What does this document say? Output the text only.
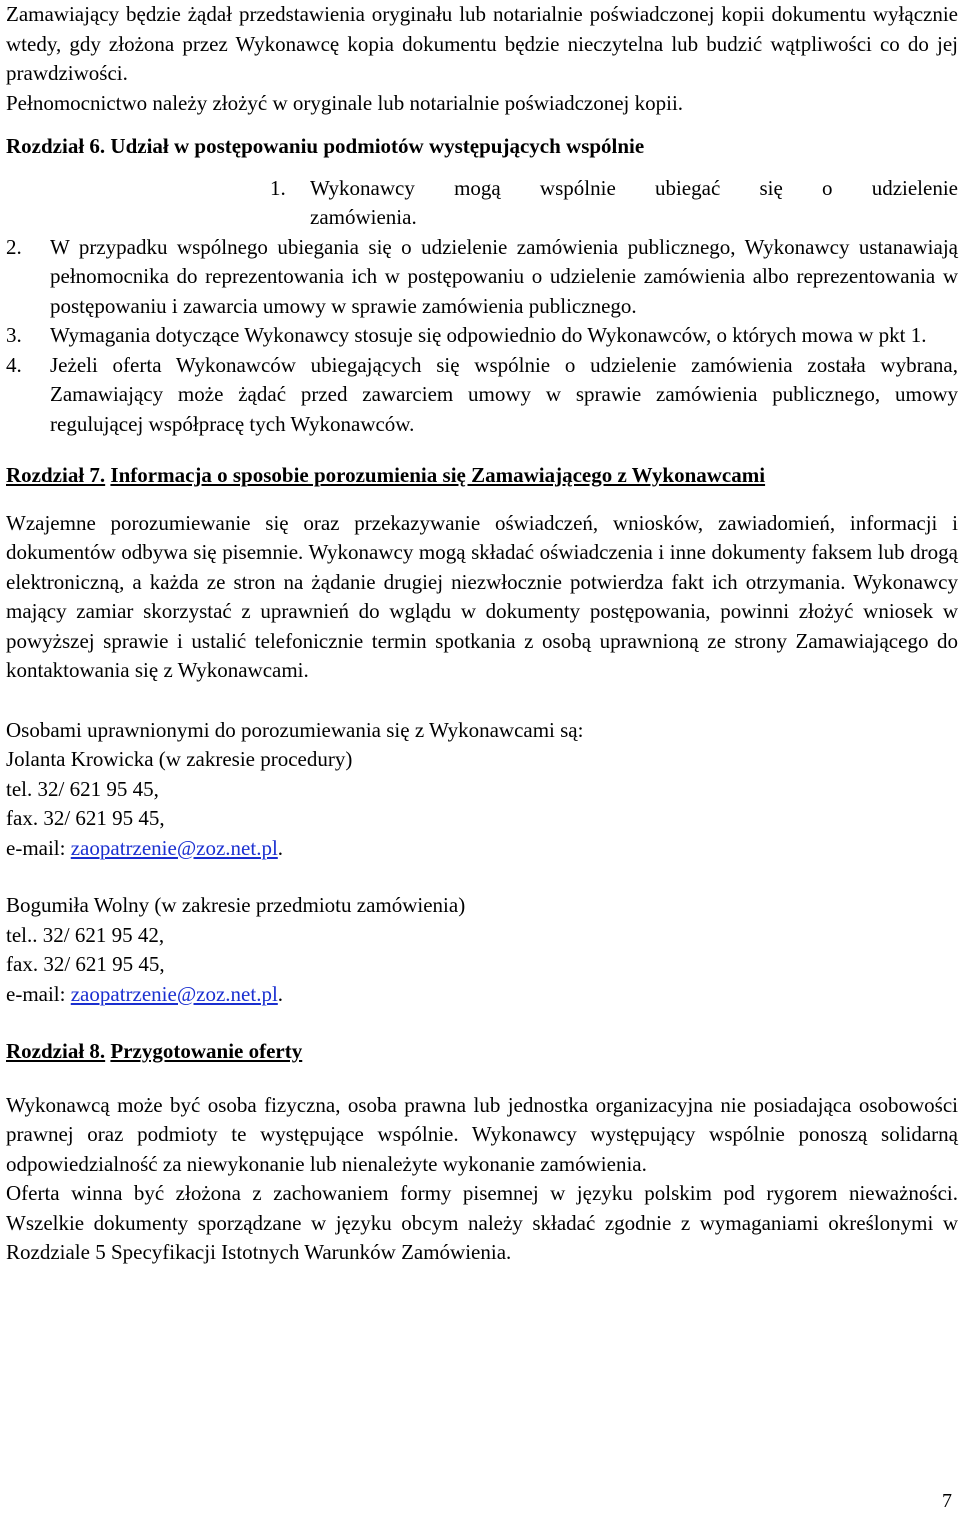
Zamawiający będzie żądał przedstawienia oryginału lub notarialnie poświadczonej kopii dokumentu wyłącznie wtedy, gdy złożona przez Wykonawcę kopia dokumentu będzie nieczytelna lub budzić wątpliwości co do jej prawdziwości.

Pełnomocnictwo należy złożyć w oryginale lub notarialnie poświadczonej kopii.

Rozdział 6. Udział w postępowaniu podmiotów występujących wspólnie

1.	Wykonawcy mogą wspólnie ubiegać się o udzielenie zamówienia.
2.	W przypadku wspólnego ubiegania się o udzielenie zamówienia publicznego, Wykonawcy ustanawiają pełnomocnika do reprezentowania ich w postępowaniu o udzielenie zamówienia albo reprezentowania w postępowaniu i zawarcia umowy w sprawie zamówienia publicznego.
3.	Wymagania dotyczące Wykonawcy stosuje się odpowiednio do Wykonawców, o których mowa w pkt 1.
4.	Jeżeli oferta Wykonawców ubiegających się wspólnie o udzielenie zamówienia została wybrana, Zamawiający może żądać przed zawarciem umowy w sprawie zamówienia publicznego, umowy regulującej współpracę tych Wykonawców.

Rozdział 7. Informacja o sposobie porozumienia się Zamawiającego z Wykonawcami

Wzajemne porozumiewanie się oraz przekazywanie oświadczeń, wniosków, zawiadomień, informacji i dokumentów odbywa się pisemnie. Wykonawcy mogą składać oświadczenia i inne dokumenty faksem lub drogą elektroniczną, a każda ze stron na żądanie drugiej niezwłocznie potwierdza fakt ich otrzymania. Wykonawcy mający zamiar skorzystać z uprawnień do wglądu w dokumenty postępowania, powinni złożyć wniosek w powyższej sprawie i ustalić telefonicznie termin spotkania z osobą uprawnioną ze strony Zamawiającego do kontaktowania się z Wykonawcami.

Osobami uprawnionymi do porozumiewania się z Wykonawcami są:

Jolanta Krowicka (w zakresie procedury)
tel. 32/ 621 95 45,
fax. 32/ 621 95 45,
e-mail: zaopatrzenie@zoz.net.pl.
Bogumiła Wolny (w zakresie przedmiotu zamówienia)
tel.. 32/ 621 95 42,
fax. 32/ 621 95 45,
e-mail: zaopatrzenie@zoz.net.pl.

Rozdział 8. Przygotowanie oferty

Wykonawcą może być osoba fizyczna, osoba prawna lub jednostka organizacyjna nie posiadająca osobowości prawnej oraz podmioty te występujące wspólnie. Wykonawcy występujący wspólnie ponoszą solidarną odpowiedzialność za niewykonanie lub nienależyte wykonanie zamówienia.

Oferta winna być złożona z zachowaniem formy pisemnej w języku polskim pod rygorem nieważności. Wszelkie dokumenty sporządzane w języku obcym należy składać zgodnie z wymaganiami określonymi w Rozdziale 5 Specyfikacji Istotnych Warunków Zamówienia.

7
